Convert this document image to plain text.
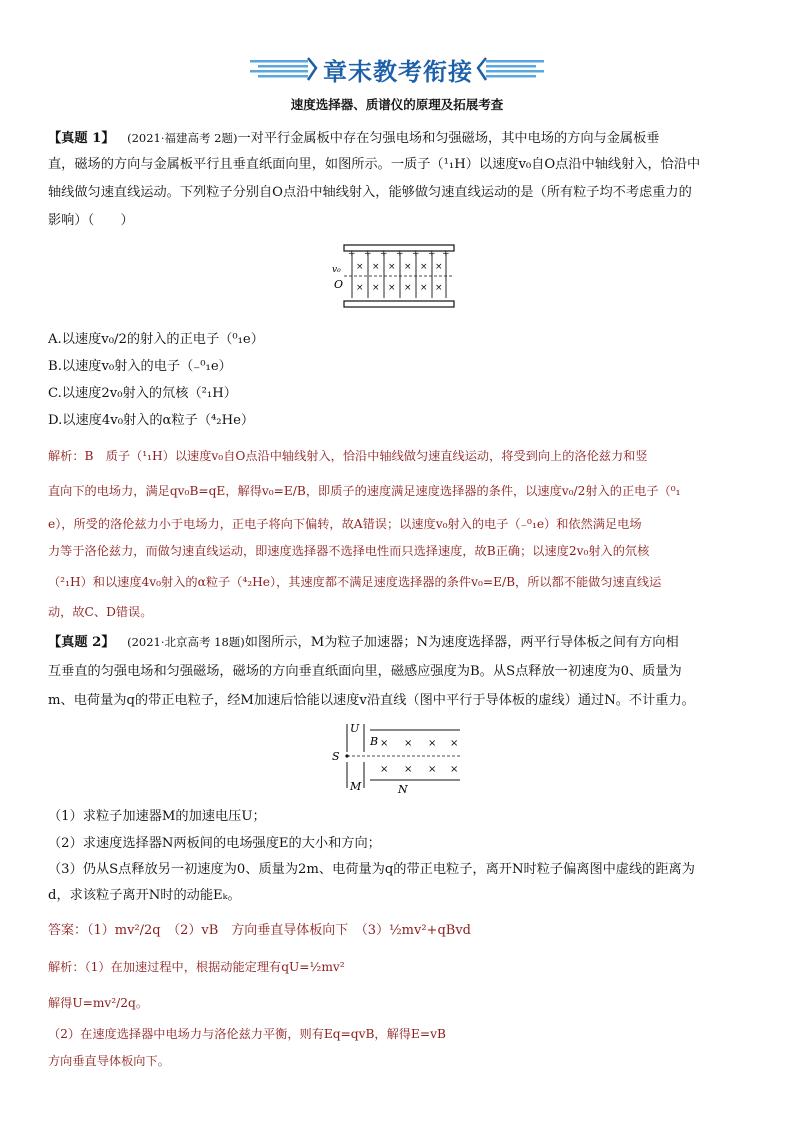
章末教考衔接
速度选择器、质谱仪的原理及拓展考查
【真题 1】 (2021·福建高考 2题)一对平行金属板中存在匀强电场和匀强磁场，其中电场的方向与金属板垂
直，磁场的方向与金属板平行且垂直纸面向里，如图所示。一质子（¹₁H）以速度v₀自O点沿中轴线射入，恰沿中
轴线做匀速直线运动。下列粒子分别自O点沿中轴线射入，能够做匀速直线运动的是（所有粒子均不考虑重力的
影响）（　　）
× × × × × ×
× × × × × ×
+ + + + + + +
− − − − − − −
v₀
O
A.以速度v₀/2的射入的正电子（⁰₁e）
B.以速度v₀射入的电子（₋⁰₁e）
C.以速度2v₀射入的氘核（²₁H）
D.以速度4v₀射入的α粒子（⁴₂He）
解析：B　质子（¹₁H）以速度v₀自O点沿中轴线射入，恰沿中轴线做匀速直线运动，将受到向上的洛伦兹力和竖
直向下的电场力，满足qv₀B=qE，解得v₀=E/B，即质子的速度满足速度选择器的条件，以速度v₀/2射入的正电子（⁰₁
e），所受的洛伦兹力小于电场力，正电子将向下偏转，故A错误；以速度v₀射入的电子（₋⁰₁e）和依然满足电场
力等于洛伦兹力，而做匀速直线运动，即速度选择器不选择电性而只选择速度，故B正确；以速度2v₀射入的氘核
（²₁H）和以速度4v₀射入的α粒子（⁴₂He），其速度都不满足速度选择器的条件v₀=E/B，所以都不能做匀速直线运
动，故C、D错误。
【真题 2】 (2021·北京高考 18题)如图所示，M为粒子加速器；N为速度选择器，两平行导体板之间有方向相
互垂直的匀强电场和匀强磁场，磁场的方向垂直纸面向里，磁感应强度为B。从S点释放一初速度为0、质量为
m、电荷量为q的带正电粒子，经M加速后恰能以速度v沿直线（图中平行于导体板的虚线）通过N。不计重力。
× × × ×
× × × ×
U
S
M
B
N
（1）求粒子加速器M的加速电压U；
（2）求速度选择器N两板间的电场强度E的大小和方向；
（3）仍从S点释放另一初速度为0、质量为2m、电荷量为q的带正电粒子，离开N时粒子偏离图中虚线的距离为
d，求该粒子离开N时的动能Eₖ。
答案：（1）mv²/2q　（2）vB　方向垂直导体板向下　（3）½mv²+qBvd
解析：（1）在加速过程中，根据动能定理有qU=½mv²
解得U=mv²/2q。
（2）在速度选择器中电场力与洛伦兹力平衡，则有Eq=qvB，解得E=vB
方向垂直导体板向下。
